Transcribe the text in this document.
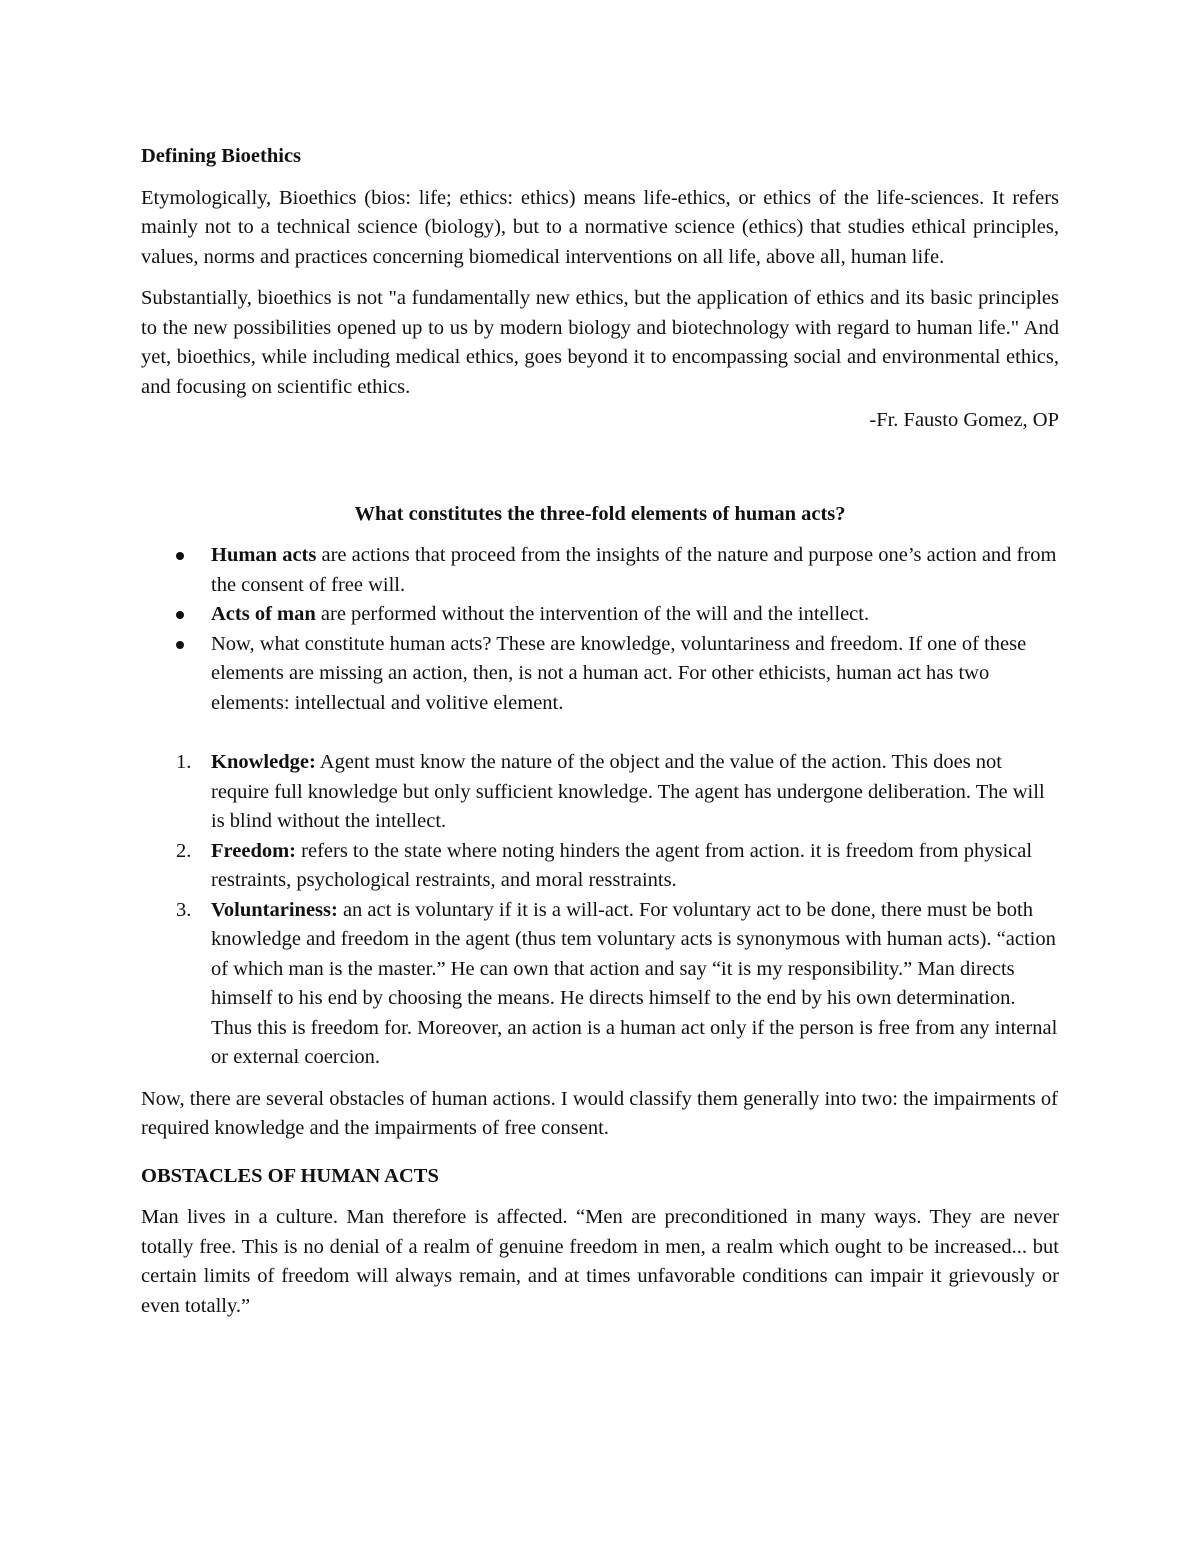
Defining Bioethics

Etymologically, Bioethics (bios: life; ethics: ethics) means life-ethics, or ethics of the life-sciences. It refers mainly not to a technical science (biology), but to a normative science (ethics) that studies ethical principles, values, norms and practices concerning biomedical interventions on all life, above all, human life.

Substantially, bioethics is not "a fundamentally new ethics, but the application of ethics and its basic principles to the new possibilities opened up to us by modern biology and biotechnology with regard to human life." And yet, bioethics, while including medical ethics, goes beyond it to encompassing social and environmental ethics, and focusing on scientific ethics.

-Fr. Fausto Gomez, OP
What constitutes the three-fold elements of human acts?
Human acts are actions that proceed from the insights of the nature and purpose one’s action and from the consent of free will.
Acts of man are performed without the intervention of the will and the intellect.
Now, what constitute human acts? These are knowledge, voluntariness and freedom. If one of these elements are missing an action, then, is not a human act. For other ethicists, human act has two elements: intellectual and volitive element.
1. Knowledge: Agent must know the nature of the object and the value of the action. This does not require full knowledge but only sufficient knowledge. The agent has undergone deliberation. The will is blind without the intellect.
2. Freedom: refers to the state where noting hinders the agent from action. it is freedom from physical restraints, psychological restraints, and moral resstraints.
3. Voluntariness: an act is voluntary if it is a will-act. For voluntary act to be done, there must be both knowledge and freedom in the agent (thus tem voluntary acts is synonymous with human acts). “action of which man is the master.” He can own that action and say “it is my responsibility.” Man directs himself to his end by choosing the means. He directs himself to the end by his own determination. Thus this is freedom for. Moreover, an action is a human act only if the person is free from any internal or external coercion.

Now, there are several obstacles of human actions. I would classify them generally into two: the impairments of required knowledge and the impairments of free consent.

OBSTACLES OF HUMAN ACTS

Man lives in a culture. Man therefore is affected. “Men are preconditioned in many ways. They are never totally free. This is no denial of a realm of genuine freedom in men, a realm which ought to be increased... but certain limits of freedom will always remain, and at times unfavorable conditions can impair it grievously or even totally.”
